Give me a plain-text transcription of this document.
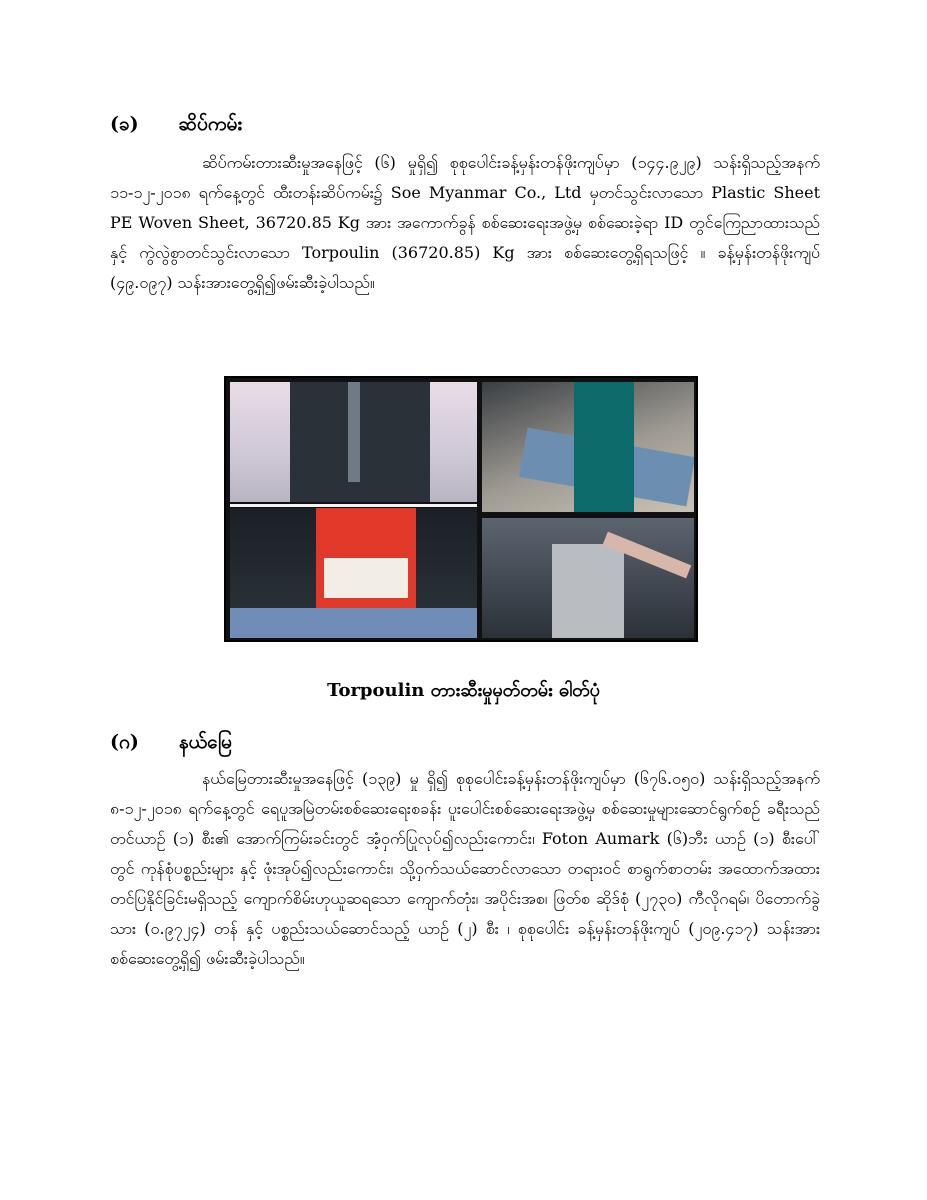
(ခ) ဆိပ်ကမ်း

ဆိပ်ကမ်းတားဆီးမှုအနေဖြင့် (၆) မှုရှိ၍ စုစုပေါင်းခန့်မှန်းတန်ဖိုးကျပ်မှာ (၁၄၄.၉၂၉) သန်းရှိသည့်အနက် ၁၁-၁၂-၂၀၁၈ ရက်နေ့တွင် ထီးတန်းဆိပ်ကမ်း၌ Soe Myanmar Co., Ltd မှတင်သွင်းလာသော Plastic Sheet PE Woven Sheet, 36720.85 Kg အား အကောက်ခွန် စစ်ဆေးရေးအဖွဲ့မှ စစ်ဆေးခဲ့ရာ ID တွင်ကြေညာထားသည်နှင့် ကွဲလွဲစွာတင်သွင်းလာသော Torpoulin (36720.85) Kg အား စစ်ဆေးတွေ့ရှိရသဖြင့် ။ ခန့်မှန်းတန်ဖိုးကျပ် (၄၉.၀၉၇) သန်းအားတွေ့ရှိ၍ဖမ်းဆီးခဲ့ပါသည်။

Torpoulin တားဆီးမှုမှတ်တမ်း ဓါတ်ပုံ
(ဂ) နယ်မြေ

နယ်မြေတားဆီးမှုအနေဖြင့် (၁၃၉) မှု ရှိ၍ စုစုပေါင်းခန့်မှန်းတန်ဖိုးကျပ်မှာ (၆၇၆.၀၅၀) သန်းရှိသည့်အနက် ၈-၁၂-၂၀၁၈ ရက်နေ့တွင် ရေပူအမြဲတမ်းစစ်ဆေးရေးစခန်း ပူးပေါင်းစစ်ဆေးရေးအဖွဲ့မှ စစ်ဆေးမှုများဆောင်ရွက်စဉ် ခရီးသည်တင်ယာဉ် (၁) စီး၏ အောက်ကြမ်းခင်းတွင် အံ့ဝှက်ပြုလုပ်၍လည်းကောင်း၊ Foton Aumark (၆)ဘီး ယာဉ် (၁) စီးပေါ်တွင် ကုန်စုံပစ္စည်းများ နှင့် ဖုံးအုပ်၍လည်းကောင်း၊ သို့ဝှက်သယ်ဆောင်လာသော တရားဝင် စာရွက်စာတမ်း အထောက်အထား တင်ပြနိုင်ခြင်းမရှိသည့် ကျောက်စိမ်းဟုယူဆရသော ကျောက်တုံး၊ အပိုင်းအစ၊ ဖြတ်စ ဆိုဒ်စုံ (၂၇၃၀) ကီလိုဂရမ်၊ ပိတောက်ခွဲသား (၀.၉၇၂၄) တန် နှင့် ပစ္စည်းသယ်ဆောင်သည့် ယာဉ် (၂) စီး ၊ စုစုပေါင်း ခန့်မှန်းတန်ဖိုးကျပ် (၂၀၉.၄၁၇) သန်းအား စစ်ဆေးတွေ့ရှိ၍ ဖမ်းဆီးခဲ့ပါသည်။
